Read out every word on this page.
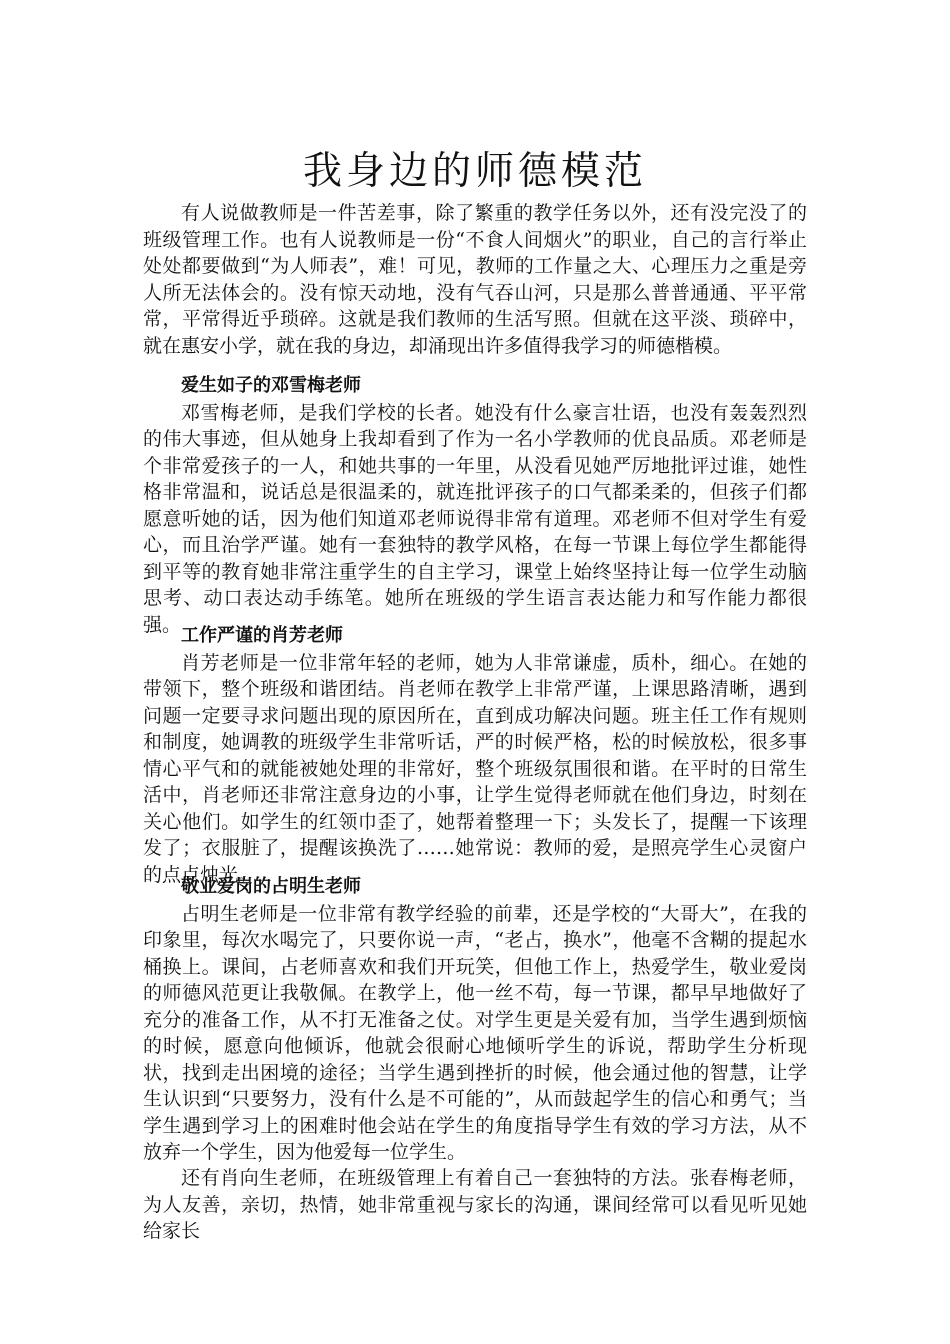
我身边的师德模范

有人说做教师是一件苦差事，除了繁重的教学任务以外，还有没完没了的班级管理工作。也有人说教师是一份“不食人间烟火”的职业，自己的言行举止处处都要做到“为人师表”，难！可见，教师的工作量之大、心理压力之重是旁人所无法体会的。没有惊天动地，没有气吞山河，只是那么普普通通、平平常常，平常得近乎琐碎。这就是我们教师的生活写照。但就在这平淡、琐碎中，就在惠安小学，就在我的身边，却涌现出许多值得我学习的师德楷模。

爱生如子的邓雪梅老师

邓雪梅老师，是我们学校的长者。她没有什么豪言壮语，也没有轰轰烈烈的伟大事迹，但从她身上我却看到了作为一名小学教师的优良品质。邓老师是个非常爱孩子的一人，和她共事的一年里，从没看见她严厉地批评过谁，她性格非常温和，说话总是很温柔的，就连批评孩子的口气都柔柔的，但孩子们都愿意听她的话，因为他们知道邓老师说得非常有道理。邓老师不但对学生有爱心，而且治学严谨。她有一套独特的教学风格，在每一节课上每位学生都能得到平等的教育她非常注重学生的自主学习，课堂上始终坚持让每一位学生动脑思考、动口表达动手练笔。她所在班级的学生语言表达能力和写作能力都很强。 工作严谨的肖芳老师

肖芳老师是一位非常年轻的老师，她为人非常谦虚，质朴，细心。在她的带领下，整个班级和谐团结。肖老师在教学上非常严谨，上课思路清晰，遇到问题一定要寻求问题出现的原因所在，直到成功解决问题。班主任工作有规则和制度，她调教的班级学生非常听话，严的时候严格，松的时候放松，很多事情心平气和的就能被她处理的非常好，整个班级氛围很和谐。在平时的日常生活中，肖老师还非常注意身边的小事，让学生觉得老师就在他们身边，时刻在关心他们。如学生的红领巾歪了，她帮着整理一下；头发长了，提醒一下该理发了；衣服脏了，提醒该换洗了……她常说：教师的爱，是照亮学生心灵窗户的点点烛光。

敬业爱岗的占明生老师

占明生老师是一位非常有教学经验的前辈，还是学校的“大哥大”，在我的印象里，每次水喝完了，只要你说一声，“老占，换水”，他毫不含糊的提起水桶换上。课间，占老师喜欢和我们开玩笑，但他工作上，热爱学生，敬业爱岗的师德风范更让我敬佩。在教学上，他一丝不苟，每一节课，都早早地做好了充分的准备工作，从不打无准备之仗。对学生更是关爱有加，当学生遇到烦恼的时候，愿意向他倾诉，他就会很耐心地倾听学生的诉说，帮助学生分析现状，找到走出困境的途径；当学生遇到挫折的时候，他会通过他的智慧，让学生认识到“只要努力，没有什么是不可能的”，从而鼓起学生的信心和勇气；当学生遇到学习上的困难时他会站在学生的角度指导学生有效的学习方法，从不放弃一个学生，因为他爱每一位学生。

还有肖向生老师，在班级管理上有着自己一套独特的方法。张春梅老师，为人友善，亲切，热情，她非常重视与家长的沟通，课间经常可以看见听见她给家长
